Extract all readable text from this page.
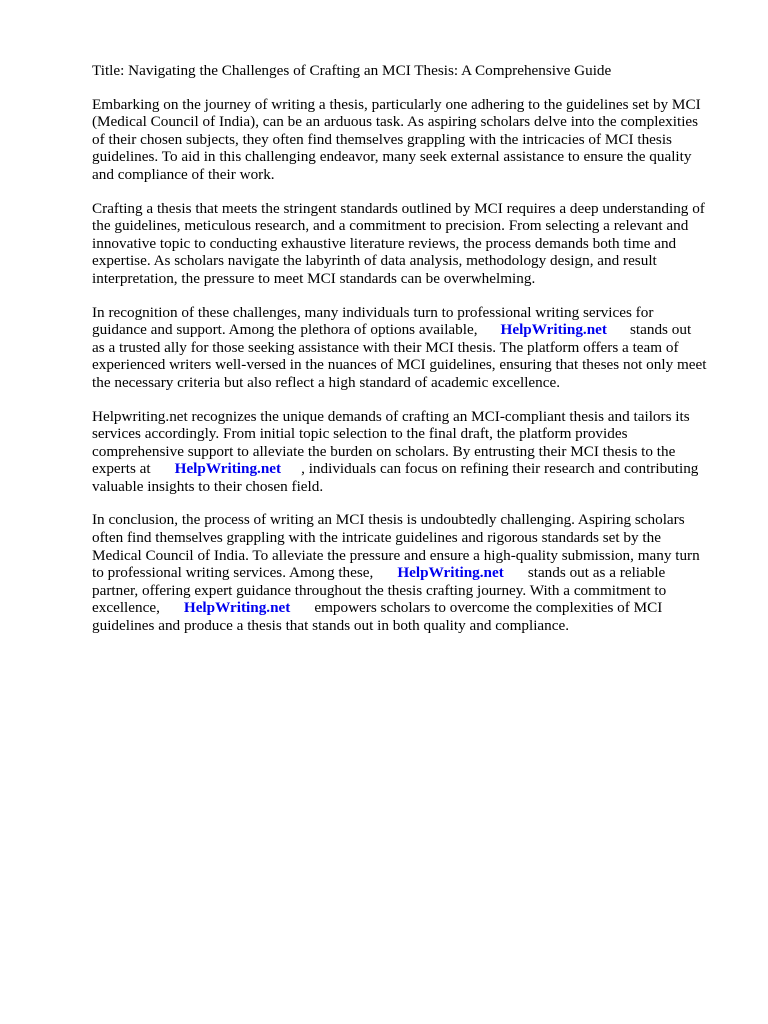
Title: Navigating the Challenges of Crafting an MCI Thesis: A Comprehensive Guide
Embarking on the journey of writing a thesis, particularly one adhering to the guidelines set by MCI
(Medical Council of India), can be an arduous task. As aspiring scholars delve into the complexities
of their chosen subjects, they often find themselves grappling with the intricacies of MCI thesis
guidelines. To aid in this challenging endeavor, many seek external assistance to ensure the quality
and compliance of their work.
Crafting a thesis that meets the stringent standards outlined by MCI requires a deep understanding of
the guidelines, meticulous research, and a commitment to precision. From selecting a relevant and
innovative topic to conducting exhaustive literature reviews, the process demands both time and
expertise. As scholars navigate the labyrinth of data analysis, methodology design, and result
interpretation, the pressure to meet MCI standards can be overwhelming.
In recognition of these challenges, many individuals turn to professional writing services for
guidance and support. Among the plethora of options available, HelpWriting.net stands out
as a trusted ally for those seeking assistance with their MCI thesis. The platform offers a team of
experienced writers well-versed in the nuances of MCI guidelines, ensuring that theses not only meet
the necessary criteria but also reflect a high standard of academic excellence.
Helpwriting.net recognizes the unique demands of crafting an MCI-compliant thesis and tailors its
services accordingly. From initial topic selection to the final draft, the platform provides
comprehensive support to alleviate the burden on scholars. By entrusting their MCI thesis to the
experts at HelpWriting.net , individuals can focus on refining their research and contributing
valuable insights to their chosen field.
In conclusion, the process of writing an MCI thesis is undoubtedly challenging. Aspiring scholars
often find themselves grappling with the intricate guidelines and rigorous standards set by the
Medical Council of India. To alleviate the pressure and ensure a high-quality submission, many turn
to professional writing services. Among these, HelpWriting.net stands out as a reliable
partner, offering expert guidance throughout the thesis crafting journey. With a commitment to
excellence, HelpWriting.net empowers scholars to overcome the complexities of MCI
guidelines and produce a thesis that stands out in both quality and compliance.
